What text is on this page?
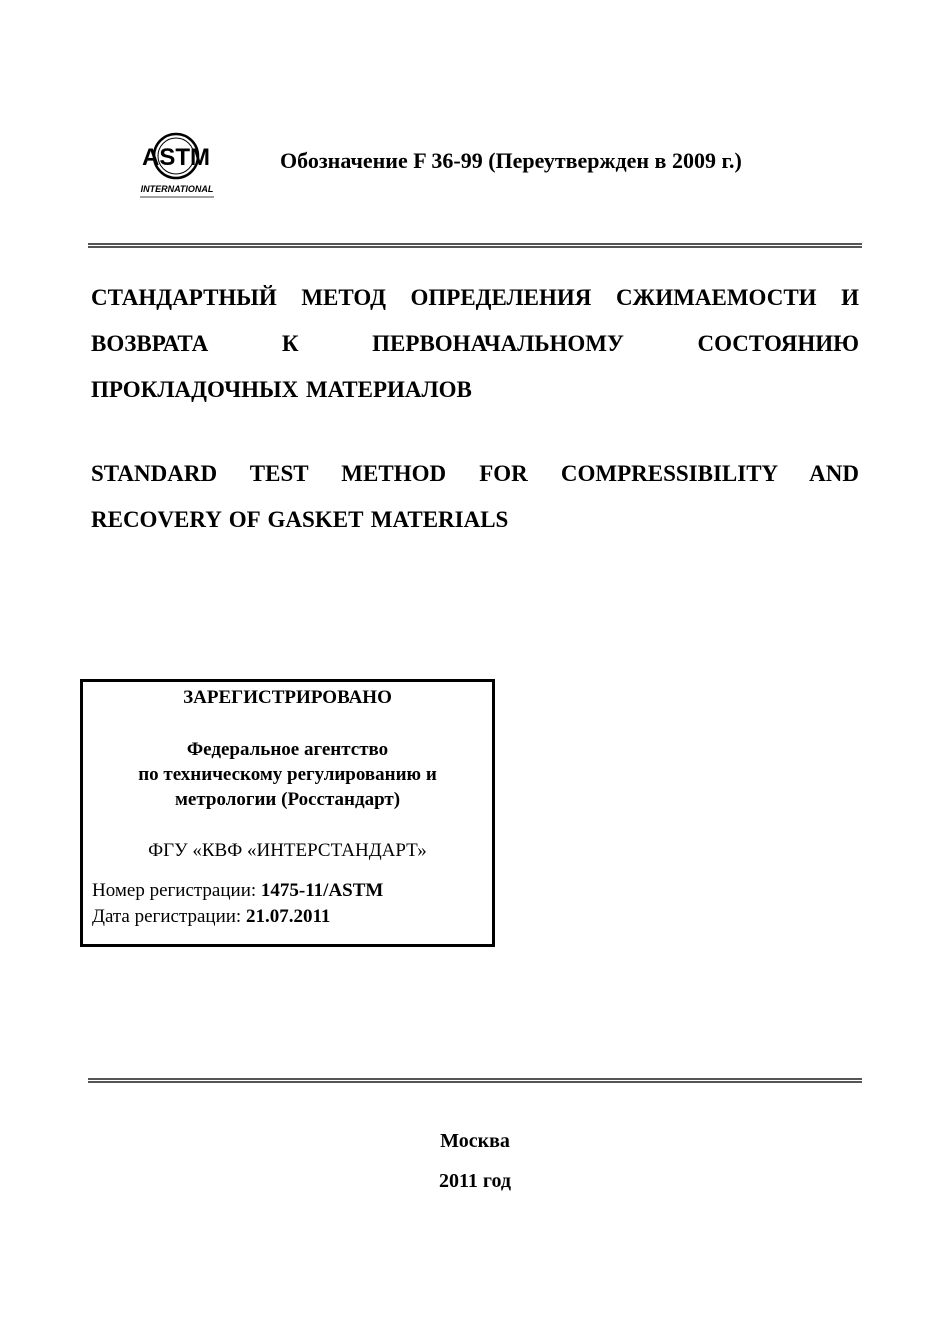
ASTM
INTERNATIONAL
Обозначение F 36-99 (Переутвержден в 2009 г.)
СТАНДАРТНЫЙ МЕТОД ОПРЕДЕЛЕНИЯ СЖИМАЕМОСТИ И ВОЗВРАТА К ПЕРВОНАЧАЛЬНОМУ СОСТОЯНИЮ ПРОКЛАДОЧНЫХ МАТЕРИАЛОВ
STANDARD TEST METHOD FOR COMPRESSIBILITY AND RECOVERY OF GASKET MATERIALS
ЗАРЕГИСТРИРОВАНО
Федеральное агентство
по техническому регулированию и
метрологии (Росстандарт)
ФГУ «КВФ «ИНТЕРСТАНДАРТ»
Номер регистрации: 1475-11/ASTM
Дата регистрации: 21.07.2011
Москва
2011 год
